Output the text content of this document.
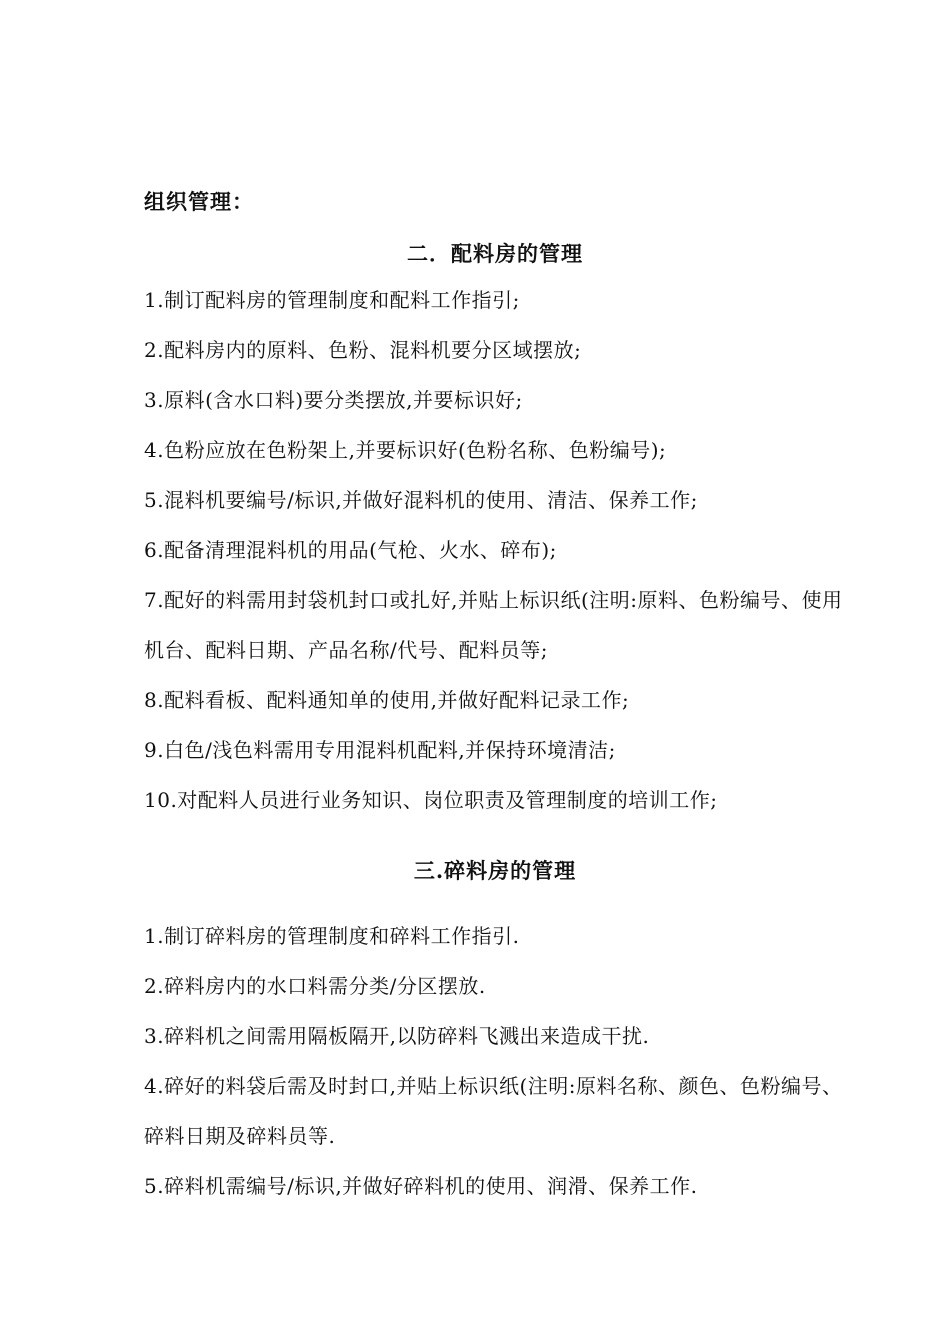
组织管理：
二．配料房的管理
1.制订配料房的管理制度和配料工作指引;
2.配料房内的原料、色粉、混料机要分区域摆放;
3.原料(含水口料)要分类摆放,并要标识好;
4.色粉应放在色粉架上,并要标识好(色粉名称、色粉编号);
5.混料机要编号/标识,并做好混料机的使用、清洁、保养工作;
6.配备清理混料机的用品(气枪、火水、碎布);
7.配好的料需用封袋机封口或扎好,并贴上标识纸(注明:原料、色粉编号、使用机台、配料日期、产品名称/代号、配料员等;
8.配料看板、配料通知单的使用,并做好配料记录工作;
9.白色/浅色料需用专用混料机配料,并保持环境清洁;
10.对配料人员进行业务知识、岗位职责及管理制度的培训工作;
三.碎料房的管理
1.制订碎料房的管理制度和碎料工作指引.
2.碎料房内的水口料需分类/分区摆放.
3.碎料机之间需用隔板隔开,以防碎料飞溅出来造成干扰.
4.碎好的料袋后需及时封口,并贴上标识纸(注明:原料名称、颜色、色粉编号、碎料日期及碎料员等.
5.碎料机需编号/标识,并做好碎料机的使用、润滑、保养工作.
